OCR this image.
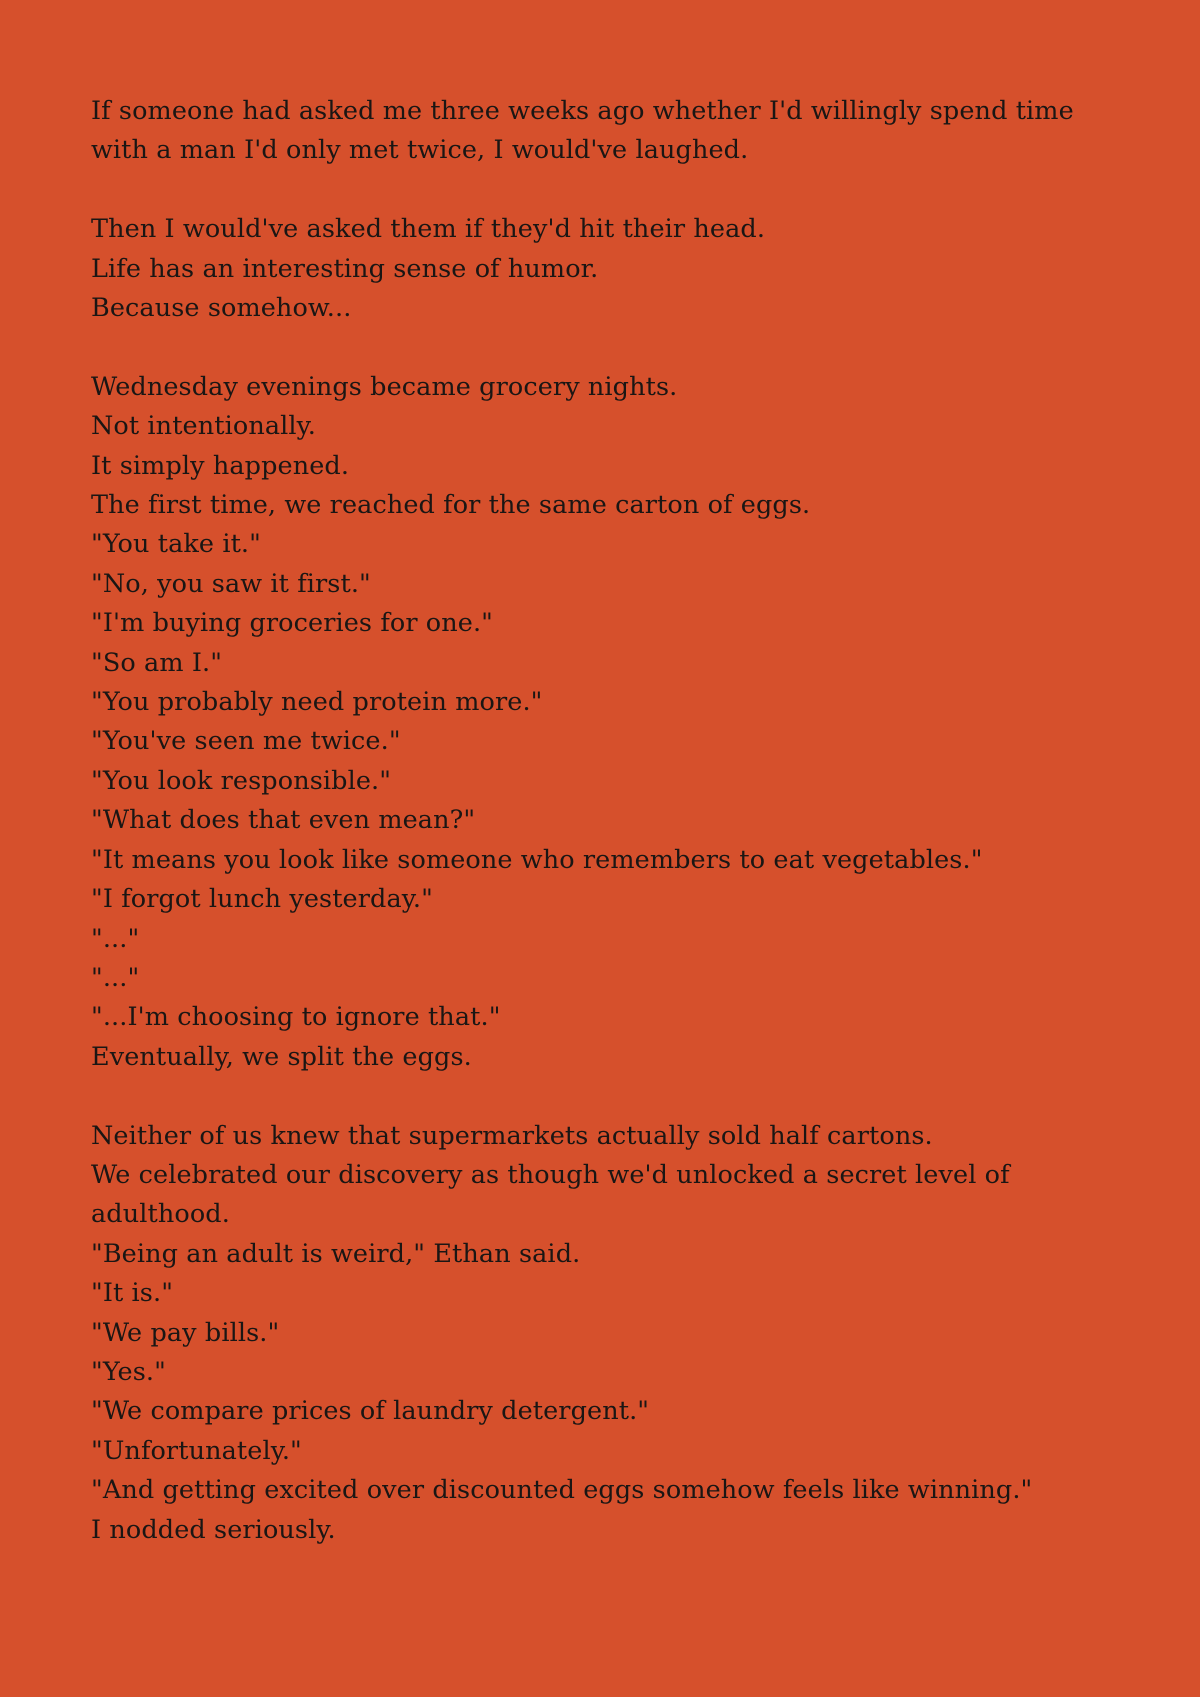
If someone had asked me three weeks ago whether I'd willingly spend time
with a man I'd only met twice, I would've laughed.
Then I would've asked them if they'd hit their head.
Life has an interesting sense of humor.
Because somehow...
Wednesday evenings became grocery nights.
Not intentionally.
It simply happened.
The first time, we reached for the same carton of eggs.
"You take it."
"No, you saw it first."
"I'm buying groceries for one."
"So am I."
"You probably need protein more."
"You've seen me twice."
"You look responsible."
"What does that even mean?"
"It means you look like someone who remembers to eat vegetables."
"I forgot lunch yesterday."
"..."
"..."
"...I'm choosing to ignore that."
Eventually, we split the eggs.
Neither of us knew that supermarkets actually sold half cartons.
We celebrated our discovery as though we'd unlocked a secret level of
adulthood.
"Being an adult is weird," Ethan said.
"It is."
"We pay bills."
"Yes."
"We compare prices of laundry detergent."
"Unfortunately."
"And getting excited over discounted eggs somehow feels like winning."
I nodded seriously.
